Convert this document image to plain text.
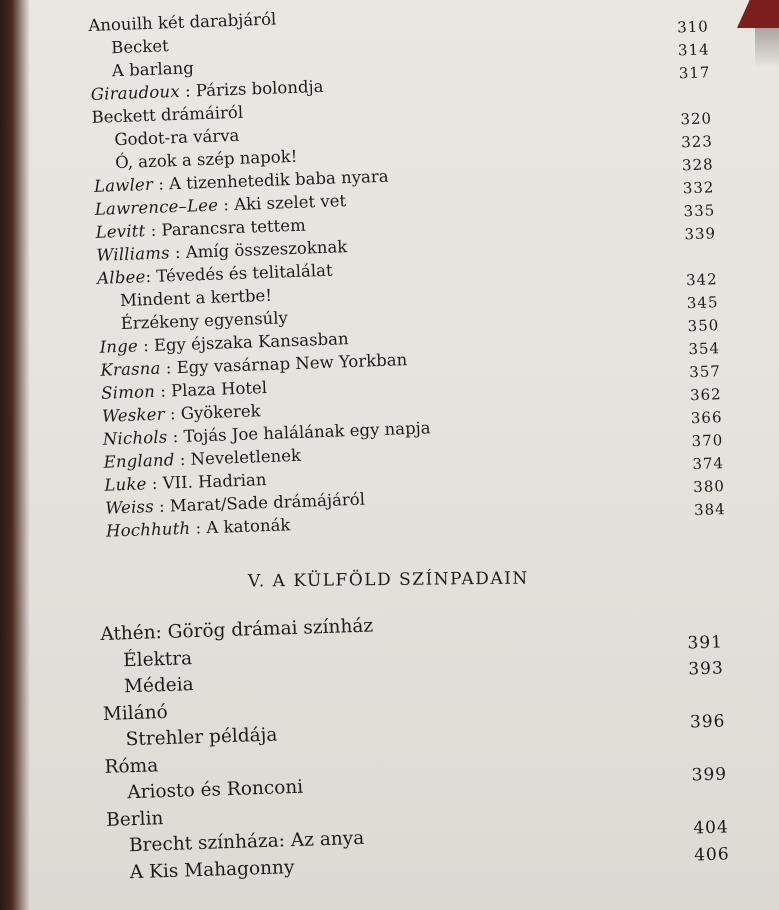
Anouilh két darabjáról
Becket
310
A barlang
314
Giraudoux : Párizs bolondja
317
Beckett drámáiról
Godot-ra várva
320
Ó, azok a szép napok!
323
Lawler : A tizenhetedik baba nyara
328
Lawrence–Lee : Aki szelet vet
332
Levitt : Parancsra tettem
335
Williams : Amíg összeszoknak
339
Albee: Tévedés és telitalálat
Mindent a kertbe!
342
Érzékeny egyensúly
345
Inge : Egy éjszaka Kansasban
350
Krasna : Egy vasárnap New Yorkban
354
Simon : Plaza Hotel
357
Wesker : Gyökerek
362
Nichols : Tojás Joe halálának egy napja
366
England : Neveletlenek
370
Luke : VII. Hadrian
374
Weiss : Marat/Sade drámájáról
380
Hochhuth : A katonák
384
V. A KÜLFÖLD SZÍNPADAIN
Athén: Görög drámai színház
Élektra
391
Médeia
393
Milánó
Strehler példája
396
Róma
Ariosto és Ronconi
399
Berlin
Brecht színháza: Az anya	404
A Kis Mahagonny
406
